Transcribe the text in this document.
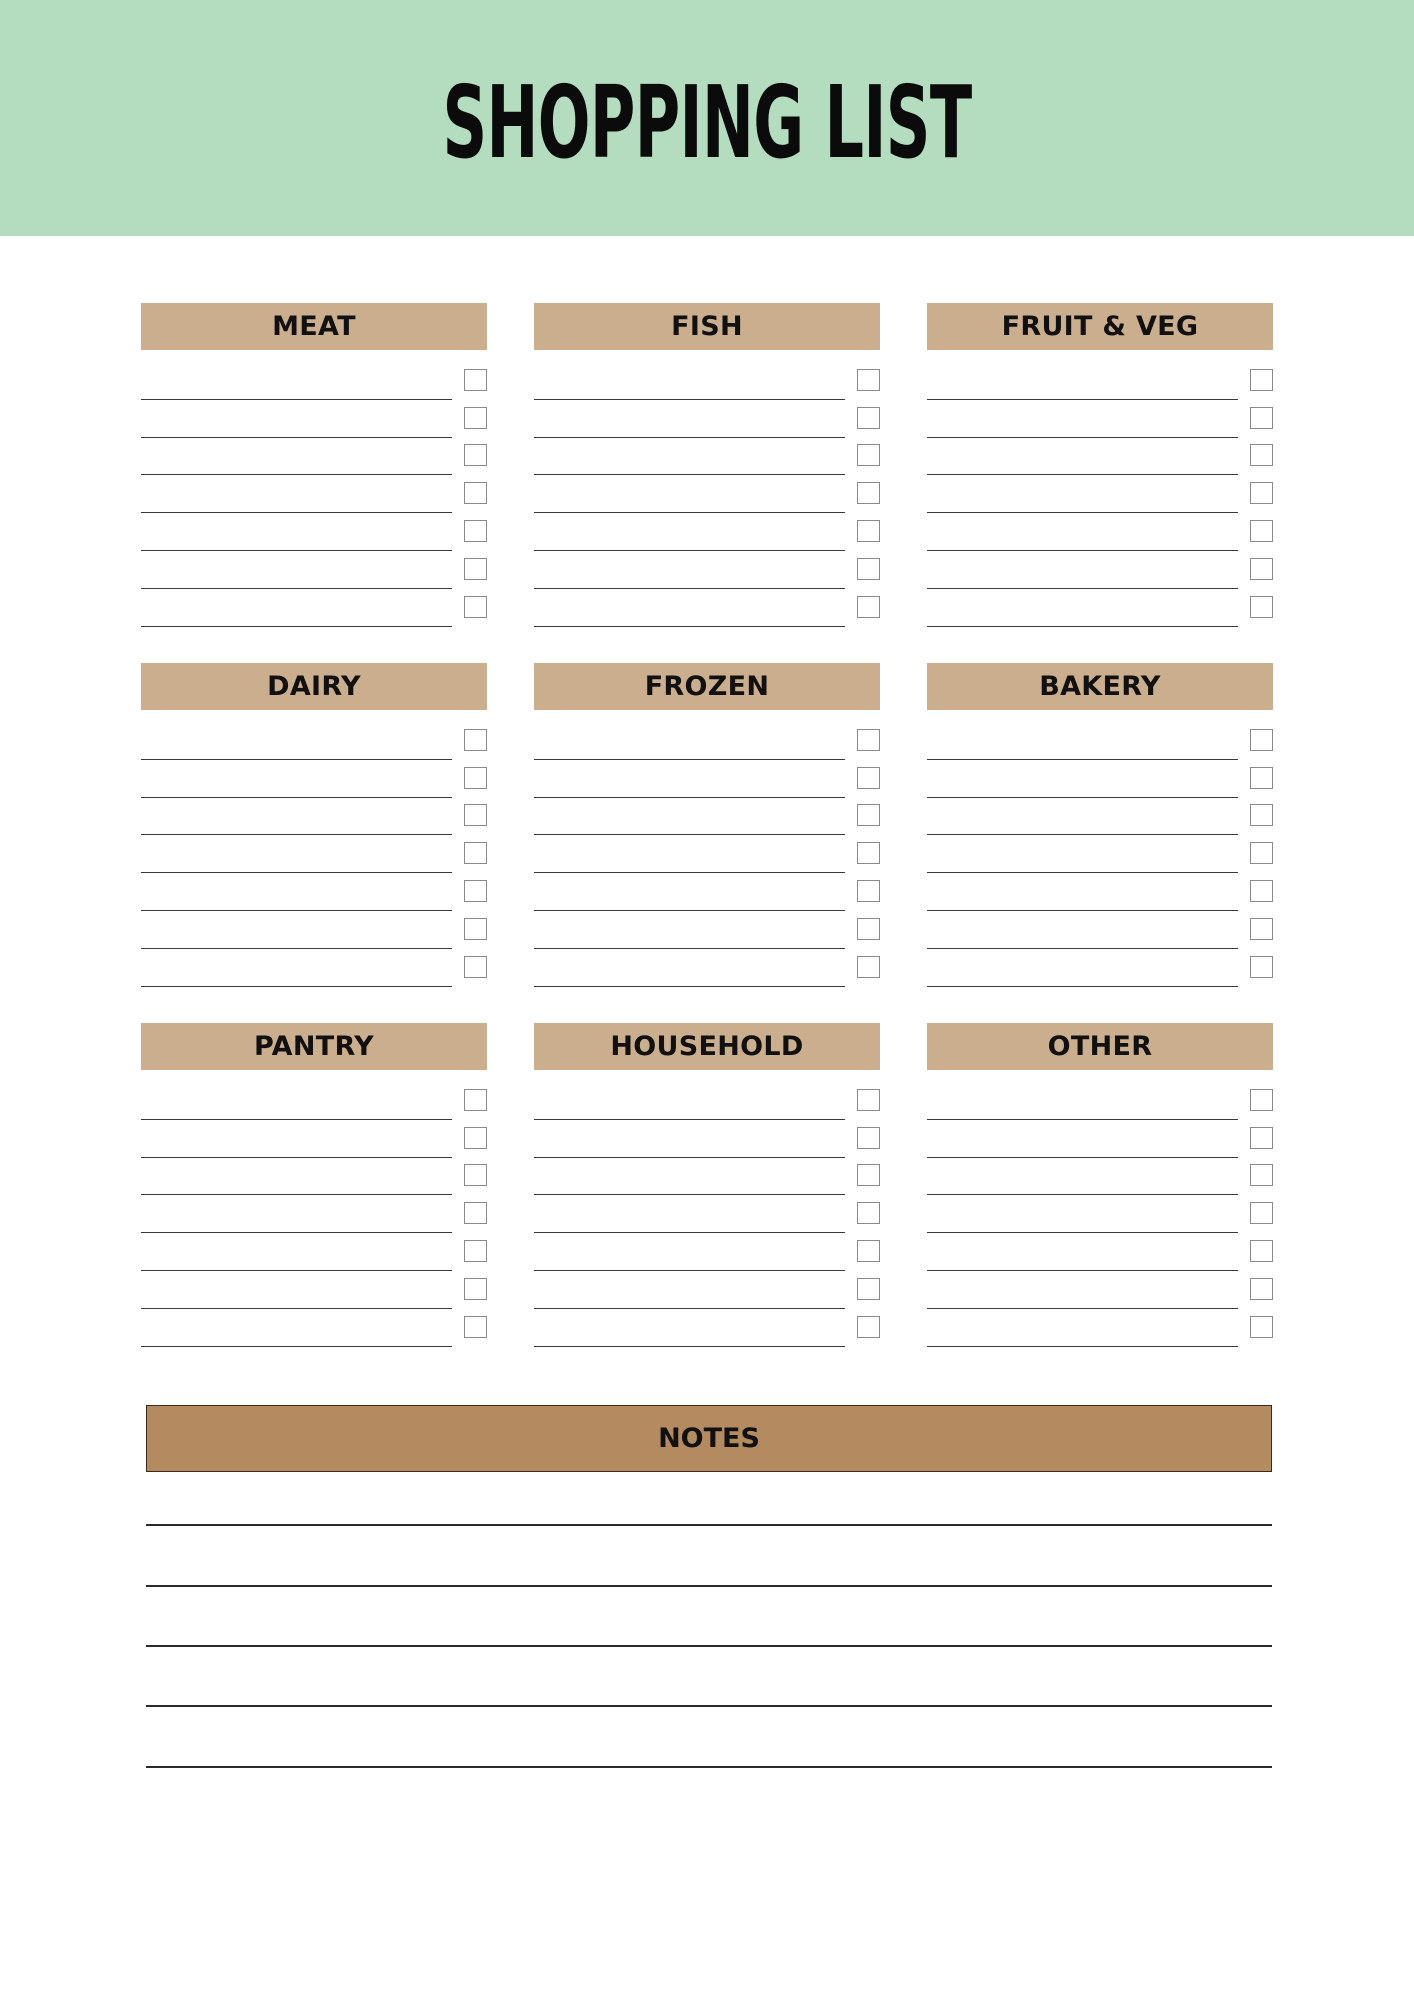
SHOPPING LIST
MEAT	FISH	FRUIT & VEG
DAIRY	FROZEN	BAKERY
PANTRY	HOUSEHOLD	OTHER
NOTES
